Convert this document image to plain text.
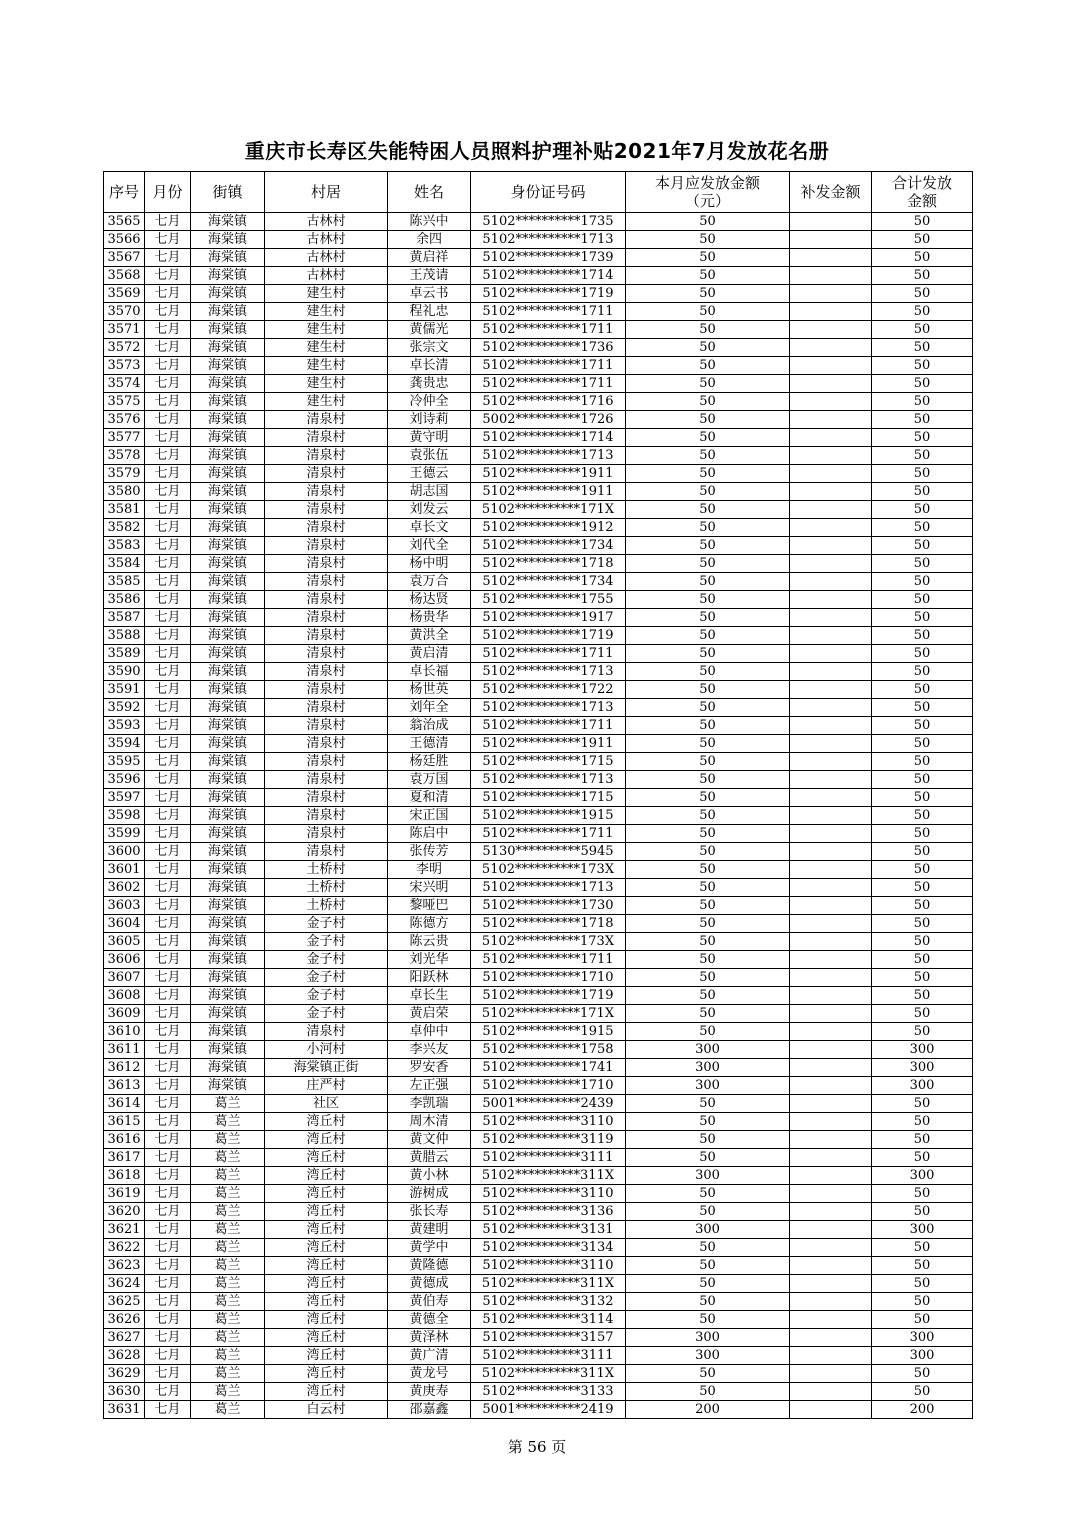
重庆市长寿区失能特困人员照料护理补贴2021年7月发放花名册
序号	月份	街镇	村居	姓名	身份证号码	本月应发放金额（元）	补发金额	合计发放金额
3565	七月	海棠镇	古林村	陈兴中	5102**********1735	50		50
3566	七月	海棠镇	古林村	余四	5102**********1713	50		50
3567	七月	海棠镇	古林村	黄启祥	5102**********1739	50		50
3568	七月	海棠镇	古林村	王茂请	5102**********1714	50		50
3569	七月	海棠镇	建生村	卓云书	5102**********1719	50		50
3570	七月	海棠镇	建生村	程礼忠	5102**********1711	50		50
3571	七月	海棠镇	建生村	黄儒光	5102**********1711	50		50
3572	七月	海棠镇	建生村	张宗文	5102**********1736	50		50
3573	七月	海棠镇	建生村	卓长清	5102**********1711	50		50
3574	七月	海棠镇	建生村	龚贵忠	5102**********1711	50		50
3575	七月	海棠镇	建生村	冷仲全	5102**********1716	50		50
3576	七月	海棠镇	清泉村	刘诗莉	5002**********1726	50		50
3577	七月	海棠镇	清泉村	黄守明	5102**********1714	50		50
3578	七月	海棠镇	清泉村	袁张伍	5102**********1713	50		50
3579	七月	海棠镇	清泉村	王德云	5102**********1911	50		50
3580	七月	海棠镇	清泉村	胡志国	5102**********1911	50		50
3581	七月	海棠镇	清泉村	刘发云	5102**********171X	50		50
3582	七月	海棠镇	清泉村	卓长文	5102**********1912	50		50
3583	七月	海棠镇	清泉村	刘代全	5102**********1734	50		50
3584	七月	海棠镇	清泉村	杨中明	5102**********1718	50		50
3585	七月	海棠镇	清泉村	袁万合	5102**********1734	50		50
3586	七月	海棠镇	清泉村	杨达贤	5102**********1755	50		50
3587	七月	海棠镇	清泉村	杨贵华	5102**********1917	50		50
3588	七月	海棠镇	清泉村	黄洪全	5102**********1719	50		50
3589	七月	海棠镇	清泉村	黄启清	5102**********1711	50		50
3590	七月	海棠镇	清泉村	卓长福	5102**********1713	50		50
3591	七月	海棠镇	清泉村	杨世英	5102**********1722	50		50
3592	七月	海棠镇	清泉村	刘年全	5102**********1713	50		50
3593	七月	海棠镇	清泉村	翁治成	5102**********1711	50		50
3594	七月	海棠镇	清泉村	王德清	5102**********1911	50		50
3595	七月	海棠镇	清泉村	杨廷胜	5102**********1715	50		50
3596	七月	海棠镇	清泉村	袁万国	5102**********1713	50		50
3597	七月	海棠镇	清泉村	夏和清	5102**********1715	50		50
3598	七月	海棠镇	清泉村	宋正国	5102**********1915	50		50
3599	七月	海棠镇	清泉村	陈启中	5102**********1711	50		50
3600	七月	海棠镇	清泉村	张传芳	5130**********5945	50		50
3601	七月	海棠镇	土桥村	李明	5102**********173X	50		50
3602	七月	海棠镇	土桥村	宋兴明	5102**********1713	50		50
3603	七月	海棠镇	土桥村	黎哑巴	5102**********1730	50		50
3604	七月	海棠镇	金子村	陈德方	5102**********1718	50		50
3605	七月	海棠镇	金子村	陈云贵	5102**********173X	50		50
3606	七月	海棠镇	金子村	刘光华	5102**********1711	50		50
3607	七月	海棠镇	金子村	阳跃林	5102**********1710	50		50
3608	七月	海棠镇	金子村	卓长生	5102**********1719	50		50
3609	七月	海棠镇	金子村	黄启荣	5102**********171X	50		50
3610	七月	海棠镇	清泉村	卓仲中	5102**********1915	50		50
3611	七月	海棠镇	小河村	李兴友	5102**********1758	300		300
3612	七月	海棠镇	海棠镇正街	罗安香	5102**********1741	300		300
3613	七月	海棠镇	庄严村	左正强	5102**********1710	300		300
3614	七月	葛兰	社区	李凯瑞	5001**********2439	50		50
3615	七月	葛兰	湾丘村	周木清	5102**********3110	50		50
3616	七月	葛兰	湾丘村	黄文仲	5102**********3119	50		50
3617	七月	葛兰	湾丘村	黄腊云	5102**********3111	50		50
3618	七月	葛兰	湾丘村	黄小林	5102**********311X	300		300
3619	七月	葛兰	湾丘村	游树成	5102**********3110	50		50
3620	七月	葛兰	湾丘村	张长寿	5102**********3136	50		50
3621	七月	葛兰	湾丘村	黄建明	5102**********3131	300		300
3622	七月	葛兰	湾丘村	黄学中	5102**********3134	50		50
3623	七月	葛兰	湾丘村	黄隆德	5102**********3110	50		50
3624	七月	葛兰	湾丘村	黄德成	5102**********311X	50		50
3625	七月	葛兰	湾丘村	黄伯寿	5102**********3132	50		50
3626	七月	葛兰	湾丘村	黄德全	5102**********3114	50		50
3627	七月	葛兰	湾丘村	黄泽林	5102**********3157	300		300
3628	七月	葛兰	湾丘村	黄广清	5102**********3111	300		300
3629	七月	葛兰	湾丘村	黄龙号	5102**********311X	50		50
3630	七月	葛兰	湾丘村	黄庚寿	5102**********3133	50		50
3631	七月	葛兰	白云村	邵嘉鑫	5001**********2419	200		200
第 56 页
